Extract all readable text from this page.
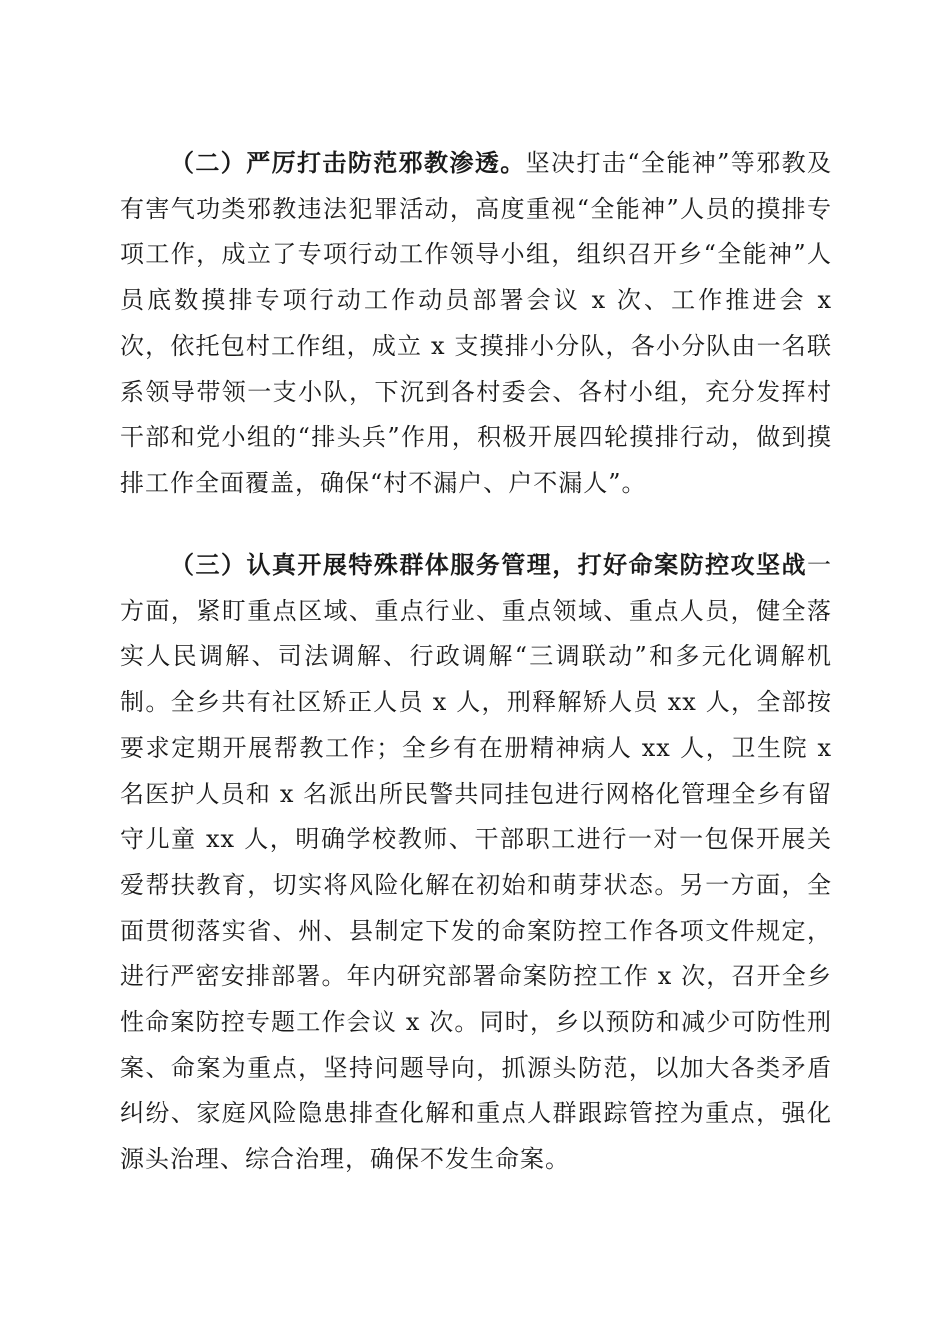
（二）严厉打击防范邪教渗透。坚决打击“全能神”等邪教及有害气功类邪教违法犯罪活动，高度重视“全能神”人员的摸排专项工作，成立了专项行动工作领导小组，组织召开乡“全能神”人员底数摸排专项行动工作动员部署会议 x 次、工作推进会 x 次，依托包村工作组，成立 x 支摸排小分队，各小分队由一名联系领导带领一支小队，下沉到各村委会、各村小组，充分发挥村干部和党小组的“排头兵”作用，积极开展四轮摸排行动，做到摸排工作全面覆盖，确保“村不漏户、户不漏人”。

（三）认真开展特殊群体服务管理，打好命案防控攻坚战一方面，紧盯重点区域、重点行业、重点领域、重点人员，健全落实人民调解、司法调解、行政调解“三调联动”和多元化调解机制。全乡共有社区矫正人员 x 人，刑释解矫人员 xx 人，全部按要求定期开展帮教工作；全乡有在册精神病人 xx 人，卫生院 x 名医护人员和 x 名派出所民警共同挂包进行网格化管理全乡有留守儿童 xx 人，明确学校教师、干部职工进行一对一包保开展关爱帮扶教育，切实将风险化解在初始和萌芽状态。另一方面，全面贯彻落实省、州、县制定下发的命案防控工作各项文件规定，进行严密安排部署。年内研究部署命案防控工作 x 次，召开全乡性命案防控专题工作会议 x 次。同时，乡以预防和减少可防性刑案、命案为重点，坚持问题导向，抓源头防范，以加大各类矛盾纠纷、家庭风险隐患排查化解和重点人群跟踪管控为重点，强化源头治理、综合治理，确保不发生命案。
